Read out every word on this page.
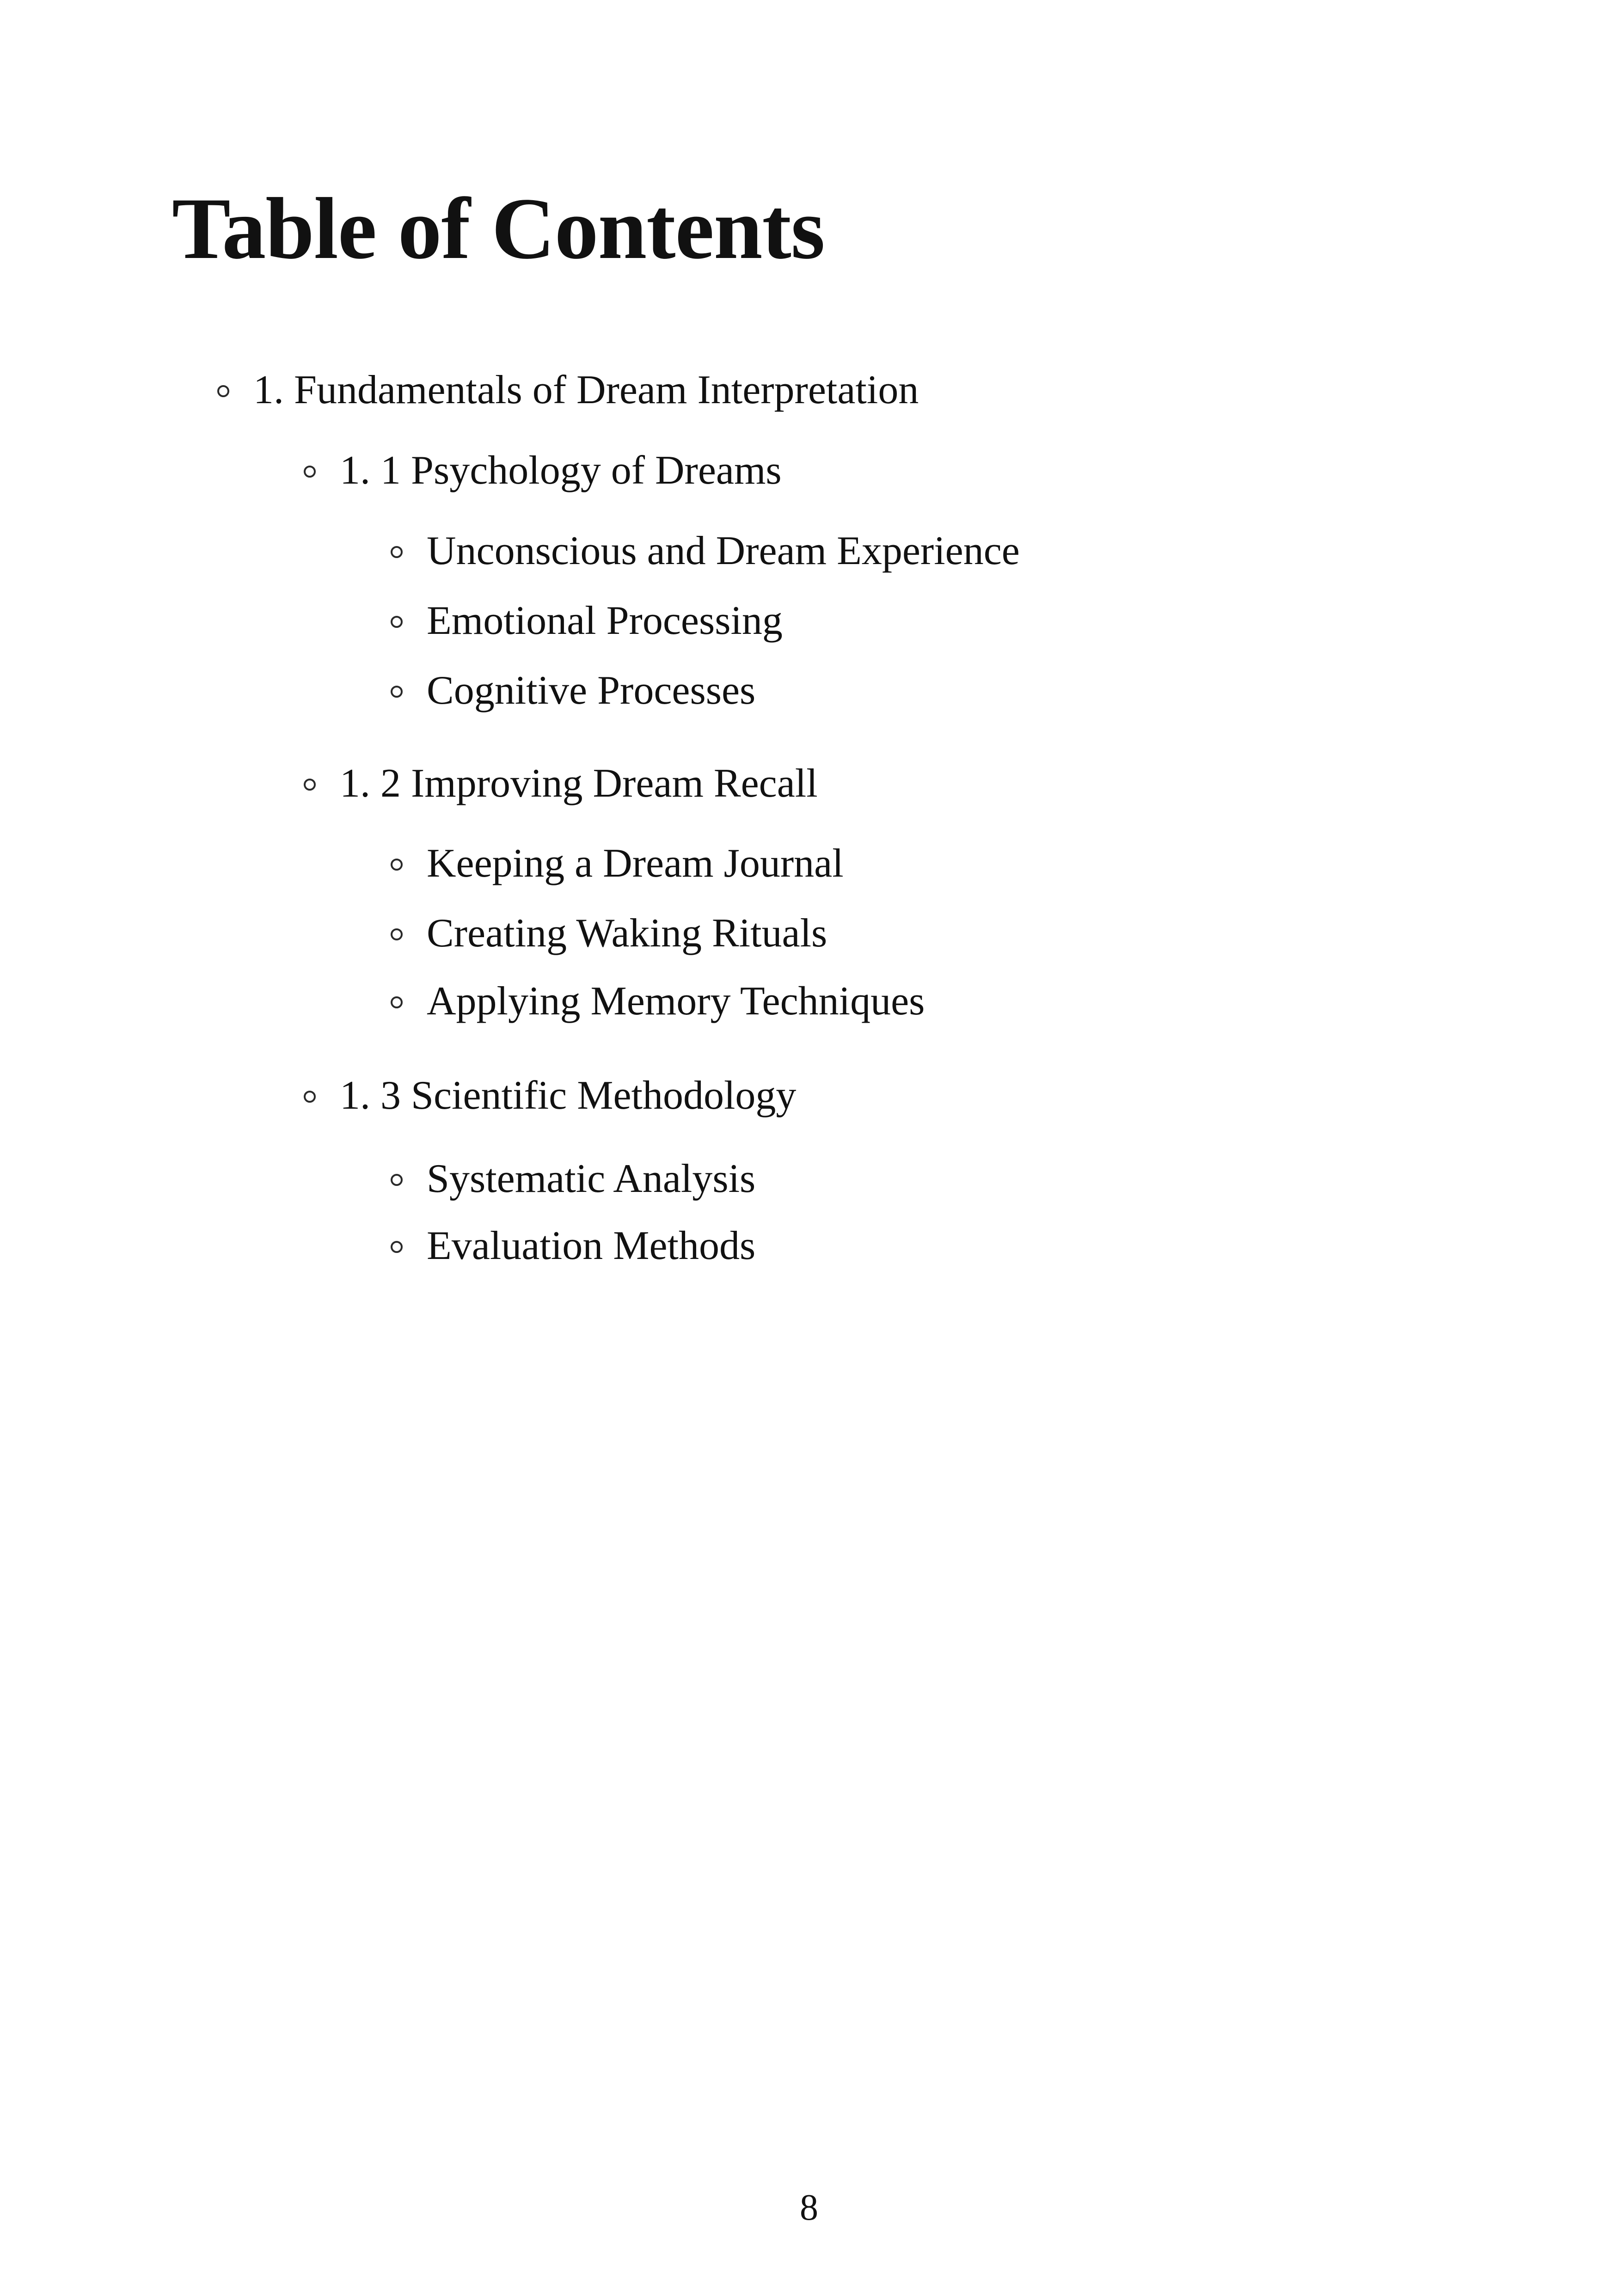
Table of Contents
1. Fundamentals of Dream Interpretation
1. 1 Psychology of Dreams
Unconscious and Dream Experience
Emotional Processing
Cognitive Processes
1. 2 Improving Dream Recall
Keeping a Dream Journal
Creating Waking Rituals
Applying Memory Techniques
1. 3 Scientific Methodology
Systematic Analysis
Evaluation Methods
8
